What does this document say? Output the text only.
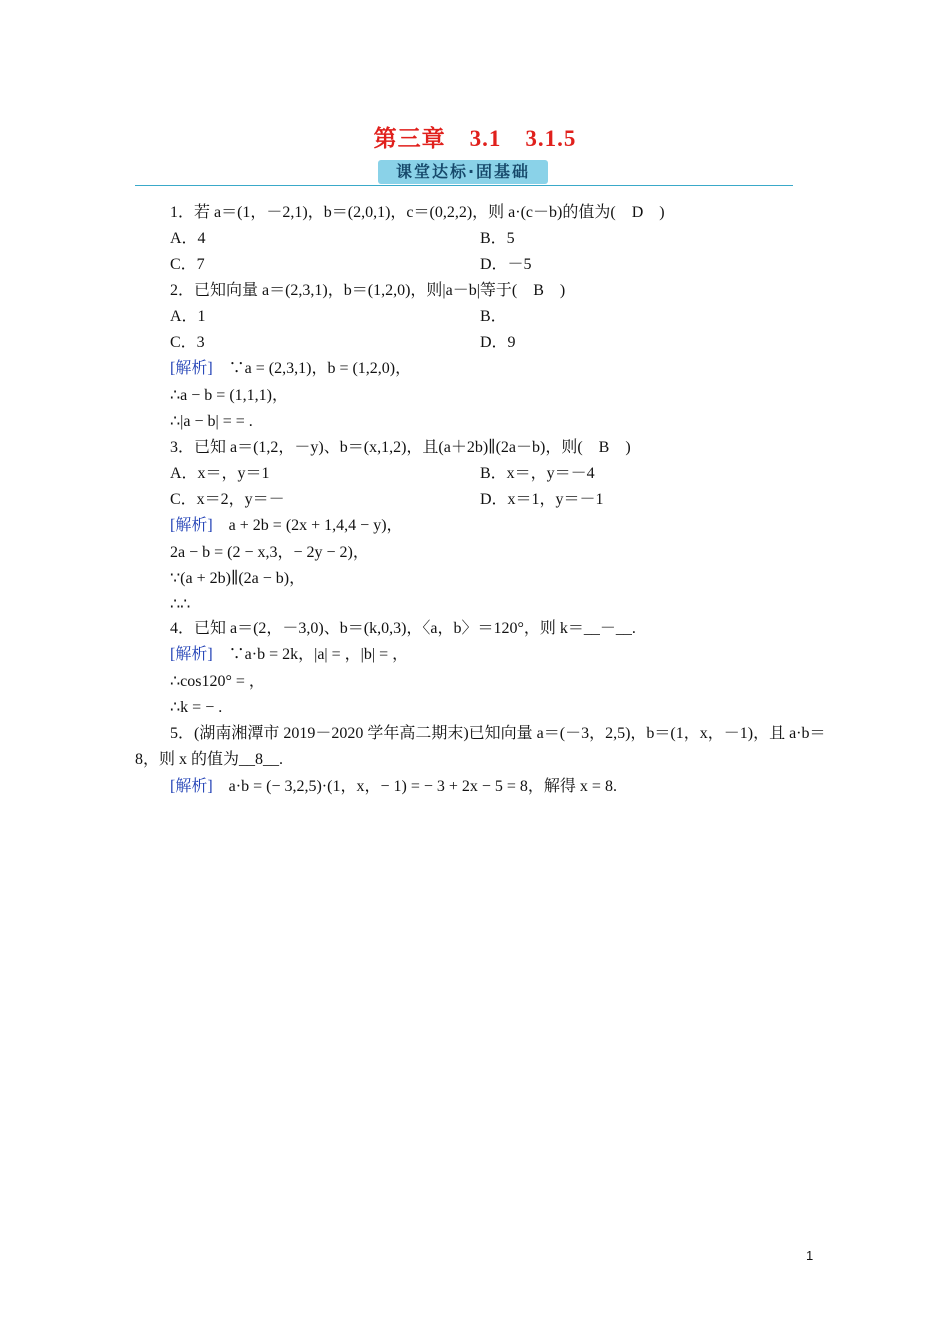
第三章　3.1　3.1.5
课堂达标·固基础
1．若 a＝(1，－2,1)，b＝(2,0,1)，c＝(0,2,2)，则 a·(c－b)的值为(　D　)
A．4	B．5
C．7	D．－5
2．已知向量 a＝(2,3,1)，b＝(1,2,0)，则|a－b|等于(　B　)
A．1	B．
C．3	D．9
[解析]　∵a = (2,3,1)，b = (1,2,0)，
∴a − b = (1,1,1)，
∴|a − b| = = .
3．已知 a＝(1,2，－y)、b＝(x,1,2)，且(a＋2b)∥(2a－b)，则(　B　)
A．x＝，y＝1	B．x＝，y＝－4
C．x＝2，y＝－	D．x＝1，y＝－1
[解析]　a + 2b = (2x + 1,4,4 − y)，
2a − b = (2 − x,3，− 2y − 2)，
∵(a + 2b)∥(2a − b)，
∴∴
4．已知 a＝(2，－3,0)、b＝(k,0,3)，〈a，b〉＝120°，则 k＝__－__.
[解析]　∵a·b = 2k，|a| = ，|b| = ，
∴cos120° = ，
∴k = − .
5．(湖南湘潭市 2019－2020 学年高二期末)已知向量 a＝(－3，2,5)，b＝(1，x，－1)，且 a·b＝
8，则 x 的值为__8__.
[解析]　a·b = (− 3,2,5)·(1，x，− 1) = − 3 + 2x − 5 = 8，解得 x = 8.
1
